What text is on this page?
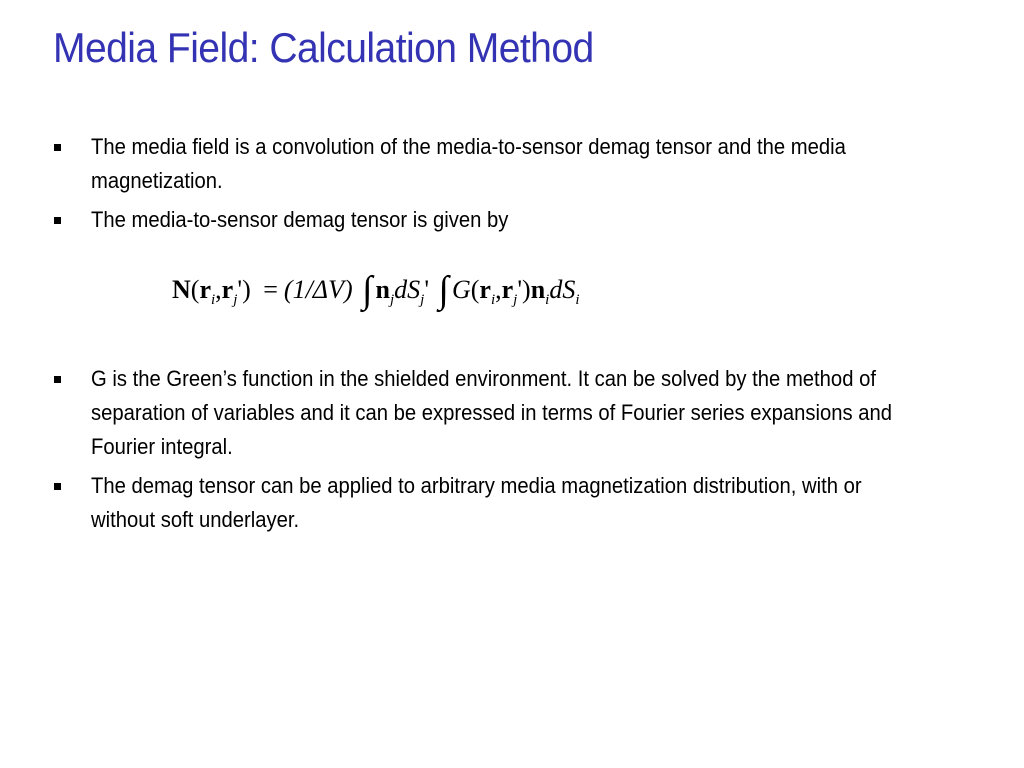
Media Field: Calculation Method
The media field is a convolution of the media-to-sensor demag tensor and the media magnetization.
The media-to-sensor demag tensor is given by
$N(r_i,r_j') = (1/\Delta V)$ ∫ $n_jdS_j'$ ∫ $G(r_i,r_j')n_idS_i$
G is the Green’s function in the shielded environment. It can be solved by the method of separation of variables and it can be expressed in terms of Fourier series expansions and Fourier integral.
The demag tensor can be applied to arbitrary media magnetization distribution, with or without soft underlayer.
